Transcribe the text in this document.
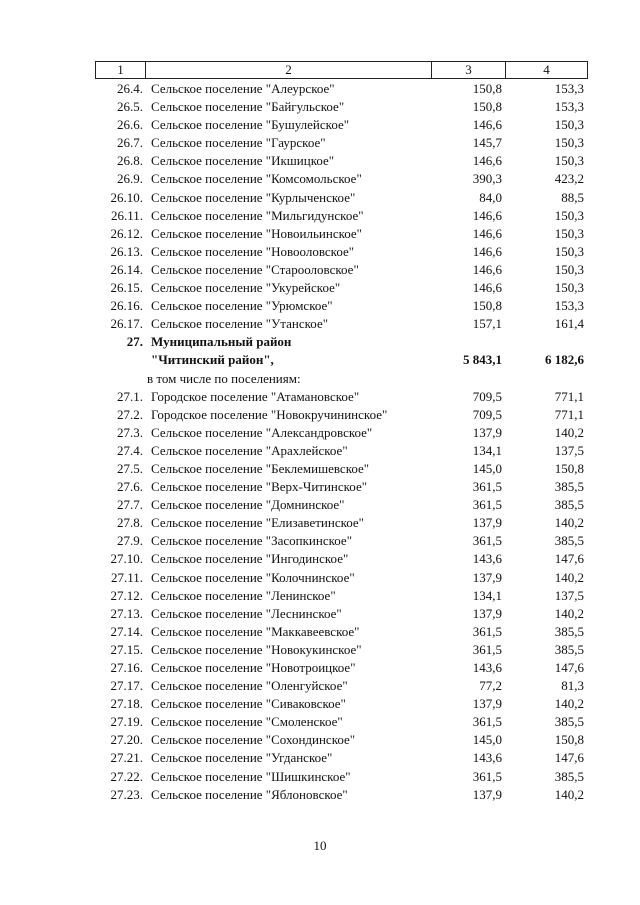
1	2	3	4
26.4. Сельское поселение "Алеурское"	150,8	153,3
26.5. Сельское поселение "Байгульское"	150,8	153,3
26.6. Сельское поселение "Бушулейское"	146,6	150,3
26.7. Сельское поселение "Гаурское"	145,7	150,3
26.8. Сельское поселение "Икшицкое"	146,6	150,3
26.9. Сельское поселение "Комсомольское"	390,3	423,2
26.10. Сельское поселение "Курлыченское"	84,0	88,5
26.11. Сельское поселение "Мильгидунское"	146,6	150,3
26.12. Сельское поселение "Новоильинское"	146,6	150,3
26.13. Сельское поселение "Новооловское"	146,6	150,3
26.14. Сельское поселение "Старооловское"	146,6	150,3
26.15. Сельское поселение "Укурейское"	146,6	150,3
26.16. Сельское поселение "Урюмское"	150,8	153,3
26.17. Сельское поселение "Утанское"	157,1	161,4
27. Муниципальный район
"Читинский район",	5 843,1	6 182,6
в том числе по поселениям:
27.1. Городское поселение "Атамановское"	709,5	771,1
27.2. Городское поселение "Новокручининское"	709,5	771,1
27.3. Сельское поселение "Александровское"	137,9	140,2
27.4. Сельское поселение "Арахлейское"	134,1	137,5
27.5. Сельское поселение "Беклемишевское"	145,0	150,8
27.6. Сельское поселение "Верх-Читинское"	361,5	385,5
27.7. Сельское поселение "Домнинское"	361,5	385,5
27.8. Сельское поселение "Елизаветинское"	137,9	140,2
27.9. Сельское поселение "Засопкинское"	361,5	385,5
27.10. Сельское поселение "Ингодинское"	143,6	147,6
27.11. Сельское поселение "Колочнинское"	137,9	140,2
27.12. Сельское поселение "Ленинское"	134,1	137,5
27.13. Сельское поселение "Леснинское"	137,9	140,2
27.14. Сельское поселение "Маккавеевское"	361,5	385,5
27.15. Сельское поселение "Новокукинское"	361,5	385,5
27.16. Сельское поселение "Новотроицкое"	143,6	147,6
27.17. Сельское поселение "Оленгуйское"	77,2	81,3
27.18. Сельское поселение "Сиваковское"	137,9	140,2
27.19. Сельское поселение "Смоленское"	361,5	385,5
27.20. Сельское поселение "Сохондинское"	145,0	150,8
27.21. Сельское поселение "Угданское"	143,6	147,6
27.22. Сельское поселение "Шишкинское"	361,5	385,5
27.23. Сельское поселение "Яблоновское"	137,9	140,2
10
